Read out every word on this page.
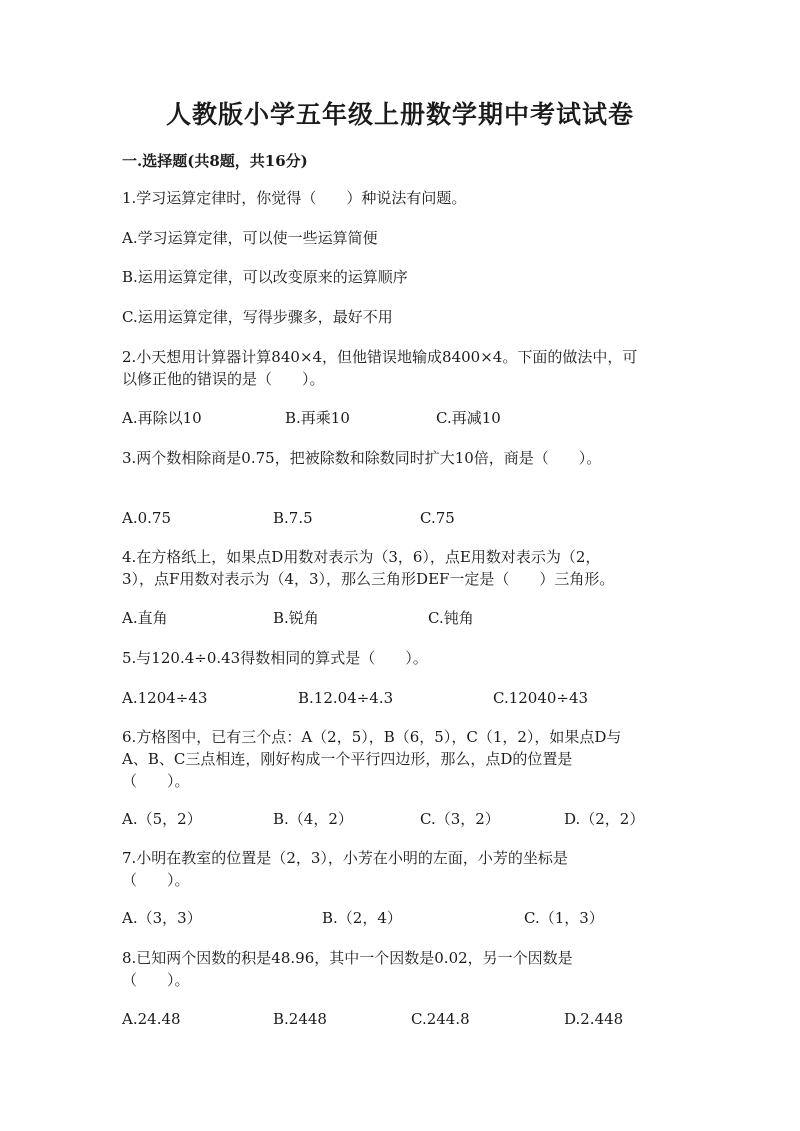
人教版小学五年级上册数学期中考试试卷
一.选择题(共8题，共16分)
1.学习运算定律时，你觉得（　　）种说法有问题。
A.学习运算定律，可以使一些运算简便
B.运用运算定律，可以改变原来的运算顺序
C.运用运算定律，写得步骤多，最好不用
2.小天想用计算器计算840×4，但他错误地输成8400×4。下面的做法中，可
以修正他的错误的是（　　）。
A.再除以10	B.再乘10	C.再减10
3.两个数相除商是0.75，把被除数和除数同时扩大10倍，商是（　　）。
A.0.75	B.7.5	C.75
4.在方格纸上，如果点D用数对表示为（3，6），点E用数对表示为（2，
3），点F用数对表示为（4，3），那么三角形DEF一定是（　　）三角形。
A.直角	B.锐角	C.钝角
5.与120.4÷0.43得数相同的算式是（　　）。
A.1204÷43	B.12.04÷4.3	C.12040÷43
6.方格图中，已有三个点：A（2，5），B（6，5），C（1，2），如果点D与
A、B、C三点相连，刚好构成一个平行四边形，那么，点D的位置是
（　　）。
A.（5，2）	B.（4，2）	C.（3，2）	D.（2，2）
7.小明在教室的位置是（2，3），小芳在小明的左面，小芳的坐标是
（　　）。
A.（3，3）	B.（2，4）	C.（1，3）
8.已知两个因数的积是48.96，其中一个因数是0.02，另一个因数是
（　　）。
A.24.48	B.2448	C.244.8	D.2.448
